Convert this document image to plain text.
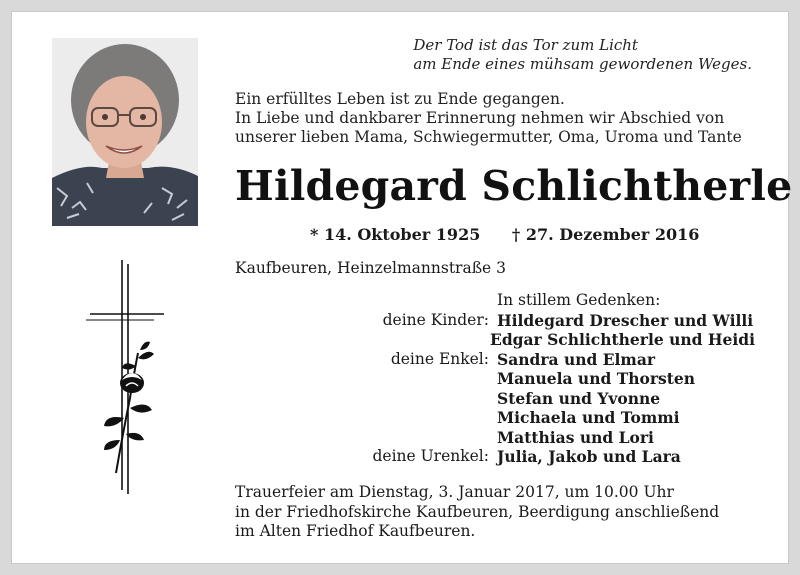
Der Tod ist das Tor zum Licht
am Ende eines mühsam gewordenen Weges.
Ein erfülltes Leben ist zu Ende gegangen.
In Liebe und dankbarer Erinnerung nehmen wir Abschied von
unserer lieben Mama, Schwiegermutter, Oma, Uroma und Tante
Hildegard Schlichtherle
* 14. Oktober 1925 † 27. Dezember 2016
Kaufbeuren, Heinzelmannstraße 3
In stillem Gedenken:
deine Kinder: Hildegard Drescher und Willi
Edgar Schlichtherle und Heidi
deine Enkel: Sandra und Elmar
Manuela und Thorsten
Stefan und Yvonne
Michaela und Tommi
Matthias und Lori
deine Urenkel: Julia, Jakob und Lara
Trauerfeier am Dienstag, 3. Januar 2017, um 10.00 Uhr
in der Friedhofskirche Kaufbeuren, Beerdigung anschließend
im Alten Friedhof Kaufbeuren.
